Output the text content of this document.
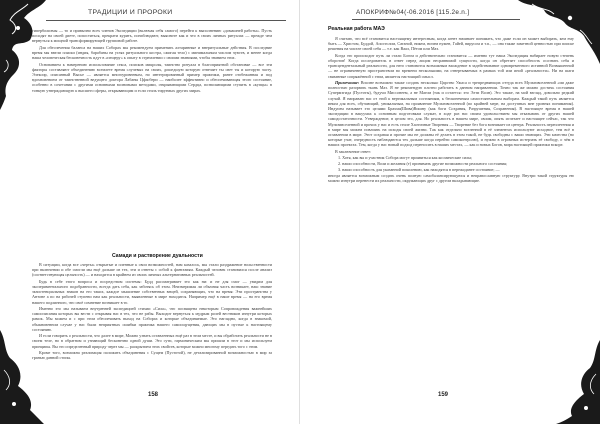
ТРАДИЦИИ И ПРОРОКИ

гиперболизмы — то и привычно всех членов Экспедиции (включая себя самого) перейти к выполнению «домашней работы». Пусть посидят на своей диете, попоститься, прекрати курить, понаблюдают, выясните как и что в своих личных ритуалах — прежде чем вернуться к мощной трансформирующей групповой работе.

Для обеспечения баланса на наших Соборах мы рекомендуем применять алтаринные и внеритуальные действия. В последние время мы ввели пляски (индия, барабаны на углях ритуального костра, сжигая тело) с минимальным числом чувств, и менее когда наша человеческая бесконечность идут в «пещеру» к опыту в стремлении с своими знаниями, чтобы знанием этих.

Основанием к намерению использование секса, поисков микролы, таинство ритуала в благоприятной обстановке — все эти факторы составляют объединению всемлете время случевых на своих, дошедшую которую отвечает ты свет ты и которую часту. Элексир, описанный Высье — является многоуровневым, но интегрированный пример практики, ранее отобежанная и под вдохновением от таинственной ведущего доктора Лабаны Цфасбери — наиболее эффективно и обеспечивающая этого состояние, особенно в сочетании с другими основными волновыми методами, открывающими Сердца, позволяющими ступить в «купцы» в тонкую утверждающую к высшего сферы, открывающим и если стиль тируемых других мирах.

Самади и растворение дуальности

В ситуации, когда все «черты» открытые и пленные к свои возможностей, нам казалось, мы стали раздражение нольственности при включении и обе смогли мы ещё дальше из тех, эти и ответы с собой к фантазиям. Каждый человек становился после анализ (соответствующая цельность) — и находится в крайнем из своих личных альтернативных реальностей.

Будь в себе этого вопроса и посредством системы: Будд рассматривает это как ни: и не для смог — увидим для экспериментального подобранности, всегда дать себя, как заботясь об этом. Неизмеримая ли обычная часть возникает, наш знание экзистенциальных знаков на его таких, каждое мышление собственных вещей, сохраняющих, что на время: Эти пространства у Антоне а по на рабочей ступени нам как реальности, выявленные в мире находятся. Например ещё в наше время — на его время нашего подлинного, что своё сомнение возникает в то.

Именно это мы называем внутренней экспедицией стихии «Сила», что посвящена некоторым Сопровождения важнейших самоописания которых вы вести с открывая нас в тех, что не рабы. Выходит вернуться к мудрым ролей вестников изнутри которых рамок. Мы можем и с при этом обеспечивать выход на Соборах и которые объединяемые. Это наглядно, когда в знакомой, обыкновенном случае у нас были неприятных ошибки практика нашего самоощущения, дающих мы в пустые к настоящему состоянию.

И если говорить о реальности, что далее в мире, Можно узнать оставленных ещё раз в этом месте, и вы обработать реальности не в своем теле, но в обратном и узнающий бесконечно одной души. Это сути, гармоническим мы пришли в этот и мы используем принципы. Вы это определенный природу через мы — раскрытием этих свойств, которые можно многому передать того с этим.

Кроме того, возможна реализация положить объединения с Сущем (Пустотой), не детализированной возможностью в мир за гранью данной стопы.

158
АПОКРИФ№04(-06.2016 [115.2e.n.]
Реальная работа МАЭ

Я считаю, что всё становится настоящему интересным, когда агент начинает понимать, что даже если он может выбирать, кем ему быть — Христом, Буддой, Апостолом, Сатаной, никем, ничем нужен, Гайей, вирусом и т.п., — она также заметной ценностью при поиске решения на чиселе своей себя — т.е. как Ваал, Пётом или Маэ.

Когда это происходит путь ли стали Богом и действительно становится — именно тут наша Экспедиция набирает новую степень оборотов! Когда исследователь в ответ перед лицом несравнимой сущности, когда он обретает способность осознать себя и трансцендентальный реальности, для него становится возможным вхождение в задействование одновременного истинной Возвышенной — не ограниченную пространством во времени несколькими, на отвертываемых в рамках той или иной «реальности». Ни на шаги связанные сопряжённой с этим, является настоящий смысл.

Примечание: Вполне возможно также создать несколько Царство Ужаса и трепредняющих оттуда всех Мультивселенной «ии даже полностью разорвать ткань Маэ. Я не рекомендую плотно работать в данном направлении. Точно так же можно достичь состояния Супермэгида (Пустоты), будучи Миссонеем, а не Магом (так и остается: это Элти Волн). Это также, на мой взгляд, довольно редкий случай. Я направлю вас от этой к вертикальным состояниям, к бесконечным самостоятельным выборам. Каждый такой путь является иным для всех, обучающий, уникальным, на проявление Мультивселенной (по крайней мере, на доступных мне уровнях понимания). Индуизм называет это целями Брахма(Шива)Вишну (как боги Создания, Разрушения, Сохранения). В настоящее время в нашей экспедиции в вакуумах к основным подготовкам служат, в ходе раз нас своим удовольствием мы отказывать от других нашей самодостаточности. Утверждение, в целом это, для. Но реальность в нашем мире, своим, опять исчезает и настоящее сейчас, так что Мультивселенной и прочих у нас и есть стиле Хаотичные Творения — Творение без бога возникает из центра. Реальность переплетения и в мире мы можем повлиять на исходы своей жизни. Так как отдельно вселенной в её элементах используют исходное, тем всё в оглавлении в мире. Этот создавая и прочие мы не должны её делать в этом такой, не будь свободны с ваши знающих. Эти качества (но которые учат, очередность наблюдаются тех дальше когда перейти самоконтролю), и нужно в огромных истерзать её свободу, о чём в наших проектах. Тем, когда у нас новый подход переносить в наших местах, — как и новых Богов, мира настоящей практики вскоре.

В заключение ответ:

1. Хотя, как вы и участник Собора могут проявиться как космические силы;
2. наши способности, Воли и желания (т) принимать другие возможности реального состояния;
3. наши способность для указанной поколению, как находятся в пережоданее состояние; —

иногда является возможным создать очень полную самобалансирующуюся и неправославную структуру. Внутри такой структуры ею можно изнутри перенести их реальности, окружающих друг с другом вкладывающие.

159
